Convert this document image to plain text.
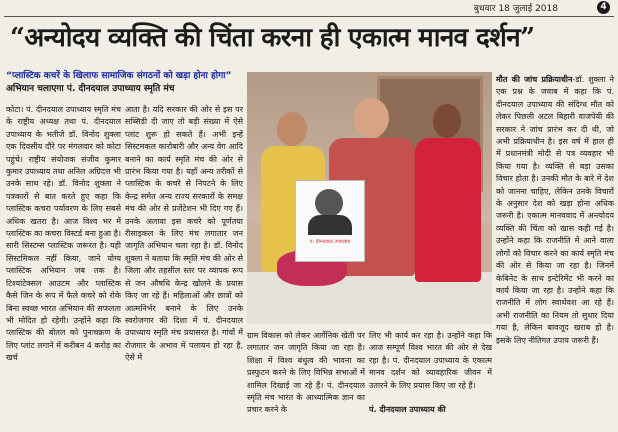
बुधवार 18 जुलाई 2018	4
“अन्योदय व्यक्ति की चिंता करना ही एकात्म मानव दर्शन”
“प्लास्टिक कचरें के खिलाफ सामाजिक संगठनों को खड़ा होना होगा”
अभियान चलाएगा पं. दीनदयाल उपाध्याय स्मृति मंच
कोटा। पं. दीनदयाल उपाध्याय स्मृति मंच के राष्ट्रीय अध्यक्ष तथा पं. दीनदयाल उपाध्याय के भतीजे डॉ. विनोद शुक्ला एक दिवसीय दौरे पर मंगलवार को कोटा पहुंचे। राष्ट्रीय संयोजक संजीव कुमार कुमार उपाध्याय तथा अनिल अग्रिदत्त भी उनके साथ रहे। डॉ. विनोद शुक्ला ने पत्रकारों से बात करते हुए कहा कि प्लास्टिक कचरा पर्यावरण के लिए सबसे अधिक खतरा है। आज विश्व भर में प्लास्टिक का कचरा विस्टर्ड बना हुआ है। सारी सिस्टम्स प्लास्टिक जरूरत है। यही सिस्टमिकल नहीं किया, जाने योग्य प्लास्टिक अभियान जब तक है। टिश्यांटेक्सल आउटम और प्लास्टिक कैसे जिन के रूप में फैले कचरे को रोके बिना स्वच्छ भारत अभियान की सफलता भी मोदित हो रहेगी। उन्होंने कहा कि प्लास्टिक की बोतल को पुनःचक्रण के लिए प्लांट लगाने में करीबन 4 करोड़ का खर्च
आता है। यदि सरकार की ओर से इस पर सब्सिडी दी जाए तो बड़ी संख्या में ऐसे प्लांट शुरू हो सकते हैं। अभी इन्हें सिस्टमकल कारोबारी और अन्य वेग आदि बनाने का कार्य स्मृति मंच की ओर से प्रारंभ किया गया है। यहाँ अन्य तरीकों से प्लास्टिक के कचरे से निपटने के लिए केन्द्र समेत अन्य राज्य सरकारों के समक्ष मंच की ओर से प्रजेंटेशन भी दिए गए हैं। उनके अलावा इस कचरे को पूर्णतया रीसाइकल के लिए मंच लगातार जन जागृति अभियान चला रहा है। डॉ. विनोद शुक्ला ने बताया कि स्मृति मंच की ओर से जिला और तहसील स्तर पर व्यापक रूप से जन औषधि केन्द्र खोलने के प्रयास किए जा रहे हैं। महिलाओं और छात्रों को आत्मनिर्भर बनाने के लिए उनके स्वरोजगार की दिशा में पं. दीनदयाल उपाध्याय स्मृति मंच प्रयासरत है। गांवों में रोजगार के अभाव में पलायन हो रहा है, ऐसे में
पं. दीनदयाल उपाध्याय
ग्राम विकास को लेकर आर्गेनिक खेती पर लगातार जन जागृति किया जा रहा है। शिक्षा में विश्व बंधुत्व की भावना का प्रस्फुटन करने के लिए विभिन्न सभाओं में शामिल दिखाई जा रहे हैं। पं. दीनदयाल स्मृति मंच भारत के आध्यात्मिक ज्ञान का प्रचार करने के
लिए भी कार्य कर रहा है। उन्होंने कहा कि आज सम्पूर्ण विश्व भारत की ओर से देख रहा है। पं. दीनदयाल उपाध्याय के एकात्म मानव दर्शन को व्यावहारिक जीवन में उतारने के लिए प्रयास किए जा रहे हैं।

पं. दीनदयाल उपाध्याय की
मौत की जांच प्रक्रियाधीन-डॉ. शुक्ला ने एक प्रश्न के जवाब में कहा कि पं. दीनदयाल उपाध्याय की संदिग्ध मौत को लेकर पिछली अटल बिहारी वाजपेयी की सरकार ने जांच प्रारंभ कर दी थी, जो अभी प्रक्रियाधीन है। इस वर्ष में हाल ही में प्रधानमंत्री मोदी से पत्र व्यवहार भी किया गया है। व्यक्ति से बड़ा उसका विचार होता है। उनकी मौत के बारे में देश को जानना चाहिए, लेकिन उनके विचारों के अनुसार देश को खड़ा होना अधिक जरूरी है। एकात्म मानववाद में अन्त्योदय व्यक्ति की चिंता को खास कही गई है। उन्होंने कहा कि राजनीति में आने वाला लोगों को विचार करने का कार्य स्मृति मंच की ओर से किया जा रहा है। जिनमें केबिनेट के साथ इन्टेरिमेंट भी करने का कार्य किया जा रहा है। उन्होंने कहा कि राजनीति में लोग स्वार्थवश आ रहे हैं। अभी राजनीति का नियम तो सुधार दिया गया है, लेकिन बावजूद खराब हो है। इसके लिए नीतिगत उपाय जरूरी हैं।
